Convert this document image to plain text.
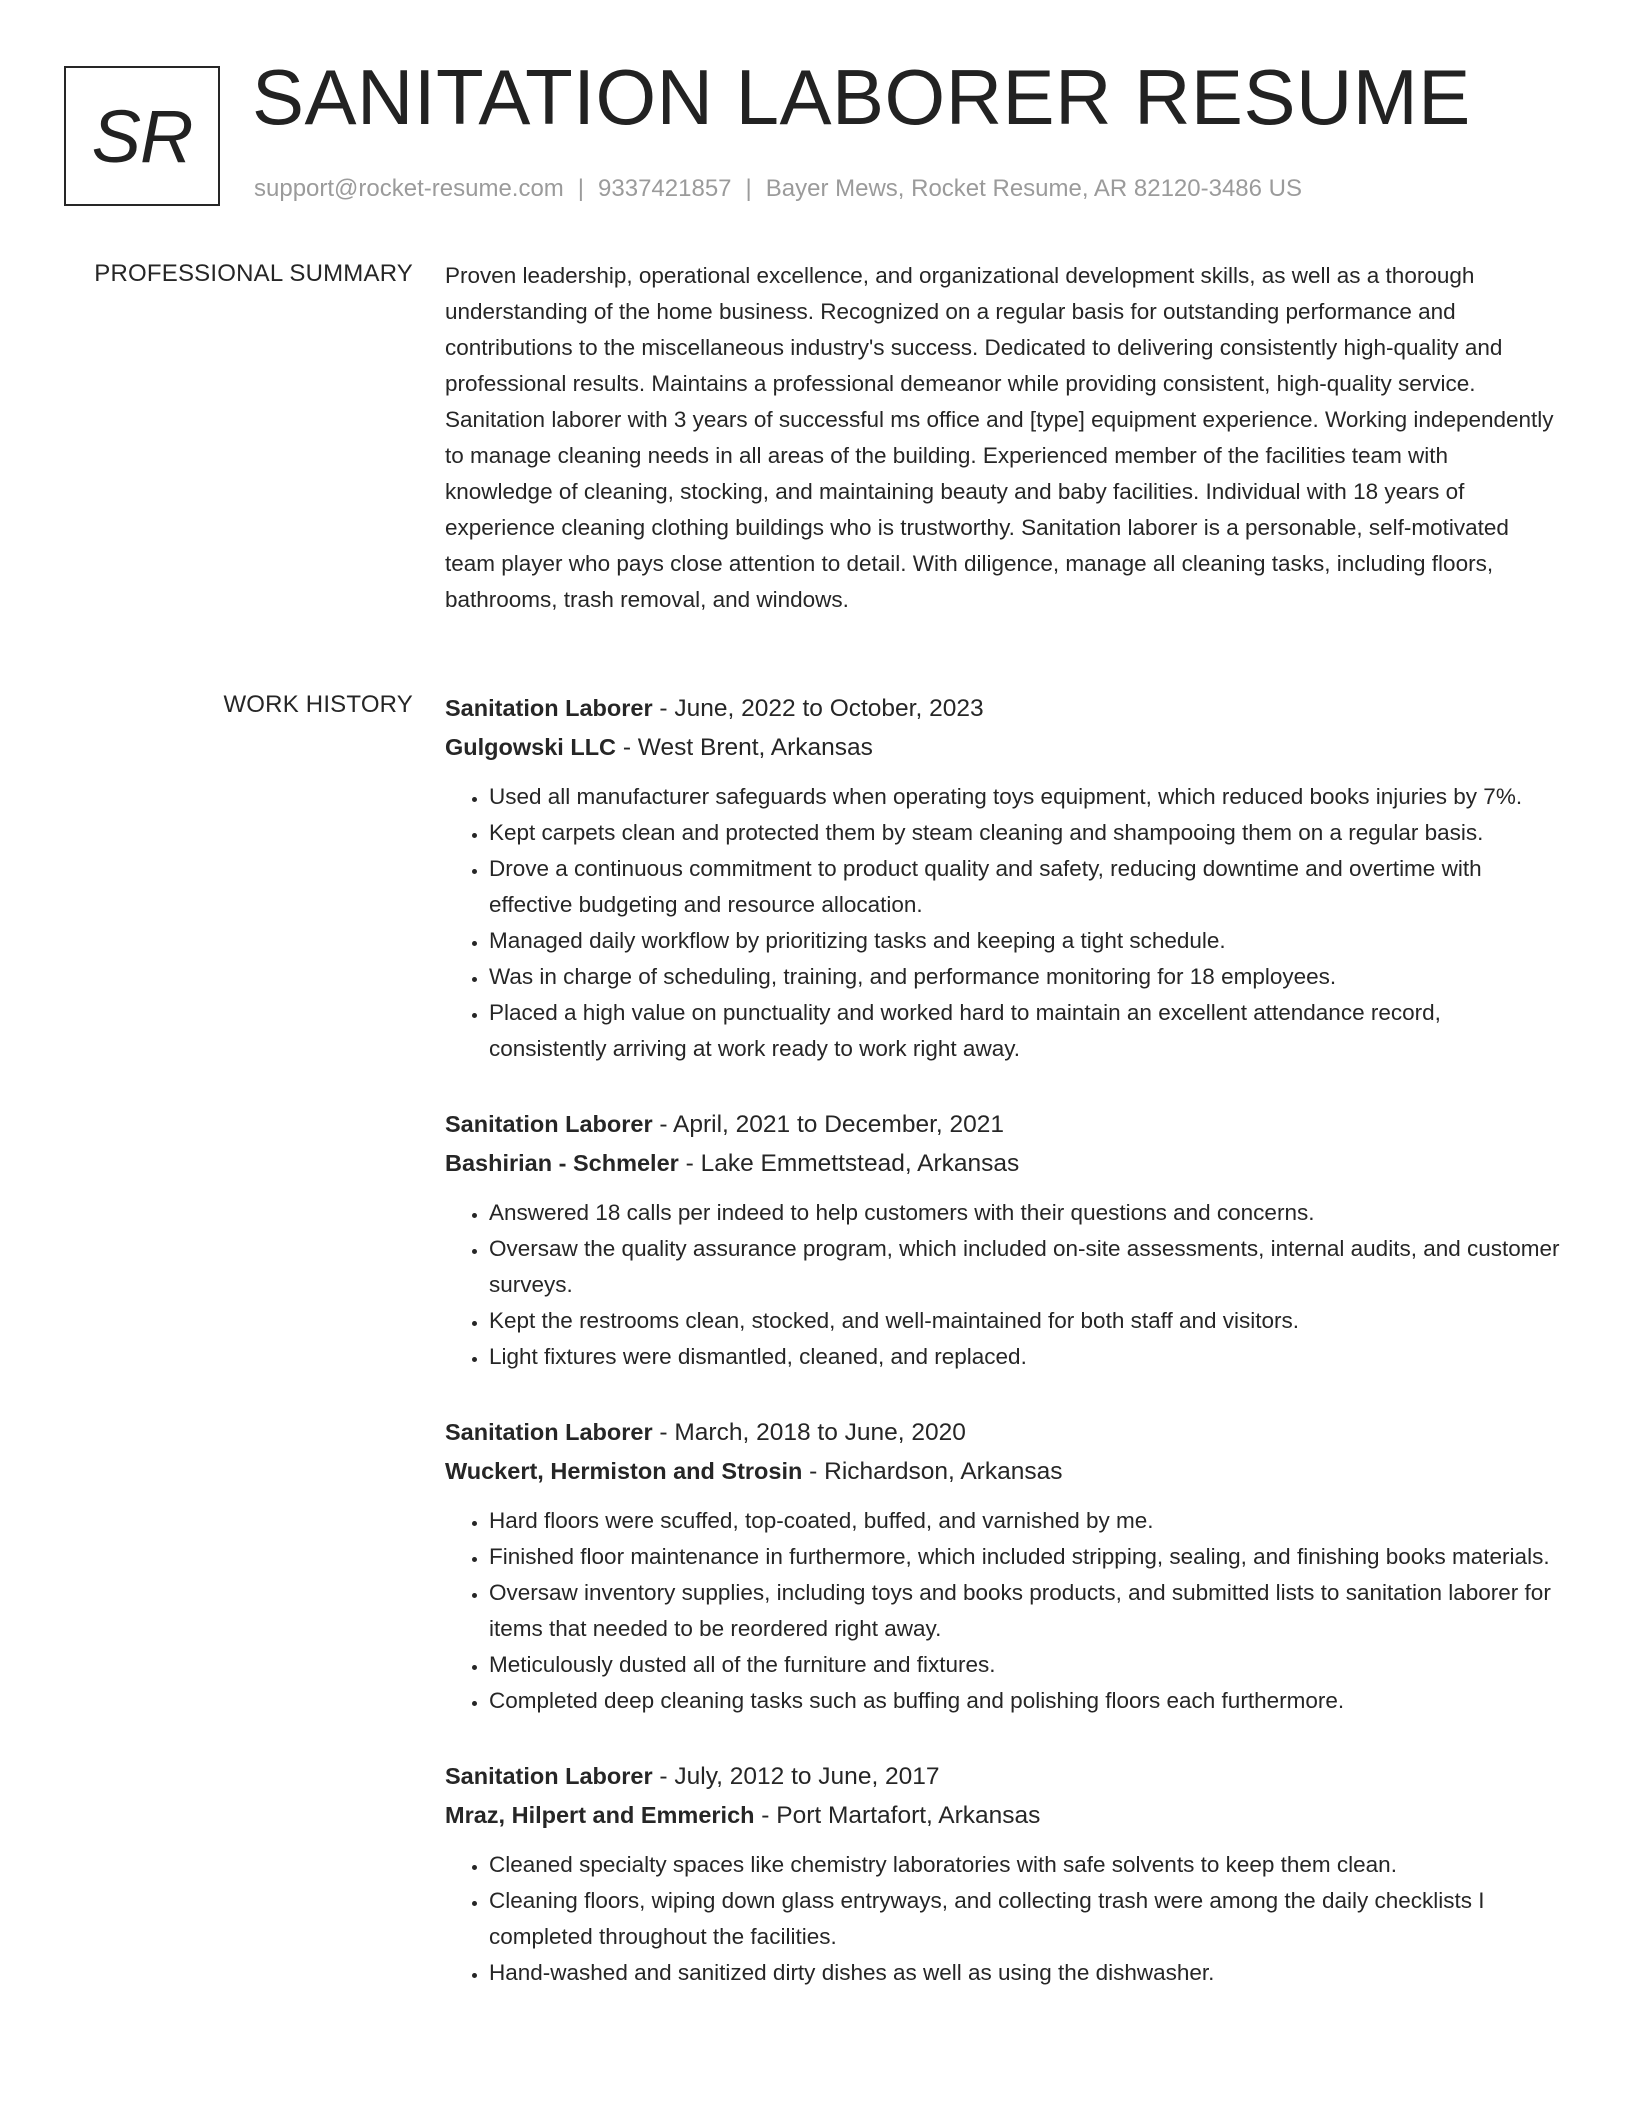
SR SANITATION LABORER RESUME
support@rocket-resume.com | 9337421857 | Bayer Mews, Rocket Resume, AR 82120-3486 US
PROFESSIONAL SUMMARY Proven leadership, operational excellence, and organizational development skills, as well as a thorough understanding of the home business. Recognized on a regular basis for outstanding performance and contributions to the miscellaneous industry's success. Dedicated to delivering consistently high-quality and professional results. Maintains a professional demeanor while providing consistent, high-quality service. Sanitation laborer with 3 years of successful ms office and [type] equipment experience. Working independently to manage cleaning needs in all areas of the building. Experienced member of the facilities team with knowledge of cleaning, stocking, and maintaining beauty and baby facilities. Individual with 18 years of experience cleaning clothing buildings who is trustworthy. Sanitation laborer is a personable, self-motivated team player who pays close attention to detail. With diligence, manage all cleaning tasks, including floors, bathrooms, trash removal, and windows.

WORK HISTORY Sanitation Laborer - June, 2022 to October, 2023
Gulgowski LLC - West Brent, Arkansas
• Used all manufacturer safeguards when operating toys equipment, which reduced books injuries by 7%.
• Kept carpets clean and protected them by steam cleaning and shampooing them on a regular basis.
• Drove a continuous commitment to product quality and safety, reducing downtime and overtime with effective budgeting and resource allocation.
• Managed daily workflow by prioritizing tasks and keeping a tight schedule.
• Was in charge of scheduling, training, and performance monitoring for 18 employees.
• Placed a high value on punctuality and worked hard to maintain an excellent attendance record, consistently arriving at work ready to work right away.
Sanitation Laborer - April, 2021 to December, 2021
Bashirian - Schmeler - Lake Emmettstead, Arkansas
• Answered 18 calls per indeed to help customers with their questions and concerns.
• Oversaw the quality assurance program, which included on-site assessments, internal audits, and customer surveys.
• Kept the restrooms clean, stocked, and well-maintained for both staff and visitors.
• Light fixtures were dismantled, cleaned, and replaced.
Sanitation Laborer - March, 2018 to June, 2020
Wuckert, Hermiston and Strosin - Richardson, Arkansas
• Hard floors were scuffed, top-coated, buffed, and varnished by me.
• Finished floor maintenance in furthermore, which included stripping, sealing, and finishing books materials.
• Oversaw inventory supplies, including toys and books products, and submitted lists to sanitation laborer for items that needed to be reordered right away.
• Meticulously dusted all of the furniture and fixtures.
• Completed deep cleaning tasks such as buffing and polishing floors each furthermore.
Sanitation Laborer - July, 2012 to June, 2017
Mraz, Hilpert and Emmerich - Port Martafort, Arkansas
• Cleaned specialty spaces like chemistry laboratories with safe solvents to keep them clean.
• Cleaning floors, wiping down glass entryways, and collecting trash were among the daily checklists I completed throughout the facilities.
• Hand-washed and sanitized dirty dishes as well as using the dishwasher.
